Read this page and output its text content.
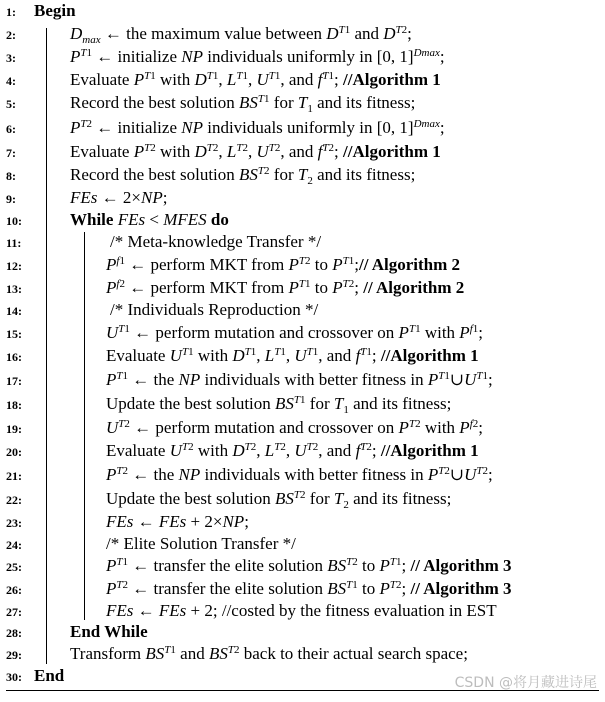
1:	Begin
2:	$D_{max}$ ← the maximum value between $D^{T1}$ and $D^{T2}$;
3:	$P^{T1}$ ← initialize NP individuals uniformly in [0, 1]$^{Dmax}$;
4:	Evaluate $P^{T1}$ with $D^{T1}$, $L^{T1}$, $U^{T1}$, and $f^{T1}$; //Algorithm 1
5:	Record the best solution $BS^{T1}$ for $T_1$ and its fitness;
6:	$P^{T2}$ ← initialize NP individuals uniformly in [0, 1]$^{Dmax}$;
7:	Evaluate $P^{T2}$ with $D^{T2}$, $L^{T2}$, $U^{T2}$, and $f^{T2}$; //Algorithm 1
8:	Record the best solution $BS^{T2}$ for $T_2$ and its fitness;
9:	FEs ← 2×NP;
10:	While FEs < MFES do
11:	/* Meta-knowledge Transfer */
12:	$P^{f1}$ ← perform MKT from $P^{T2}$ to $P^{T1};//$ Algorithm 2
13:	$P^{f2}$ ← perform MKT from $P^{T1}$ to $P^{T2}$; // Algorithm 2
14:	/* Individuals Reproduction */
15:	$U^{T1}$ ← perform mutation and crossover on $P^{T1}$ with $P^{f1}$;
16:	Evaluate $U^{T1}$ with $D^{T1}$, $L^{T1}$, $U^{T1}$, and $f^{T1}$; //Algorithm 1
17:	$P^{T1}$ ← the NP individuals with better fitness in $P^{T1}\cup U^{T1}$;
18:	Update the best solution $BS^{T1}$ for $T_1$ and its fitness;
19:	$U^{T2}$ ← perform mutation and crossover on $P^{T2}$ with $P^{f2}$;
20:	Evaluate $U^{T2}$ with $D^{T2}$, $L^{T2}$, $U^{T2}$, and $f^{T2}$; //Algorithm 1
21:	$P^{T2}$ ← the NP individuals with better fitness in $P^{T2}\cup U^{T2}$;
22:	Update the best solution $BS^{T2}$ for $T_2$ and its fitness;
23:	FEs ← FEs + 2×NP;
24:	/* Elite Solution Transfer */
25:	$P^{T1}$ ← transfer the elite solution $BS^{T2}$ to $P^{T1}$; // Algorithm 3
26:	$P^{T2}$ ← transfer the elite solution $BS^{T1}$ to $P^{T2}$; // Algorithm 3
27:	FEs ← FEs + 2; //costed by the fitness evaluation in EST
28:	End While
29:	Transform $BS^{T1}$ and $BS^{T2}$ back to their actual search space;
30: End	CSDN @将月藏进诗尾
